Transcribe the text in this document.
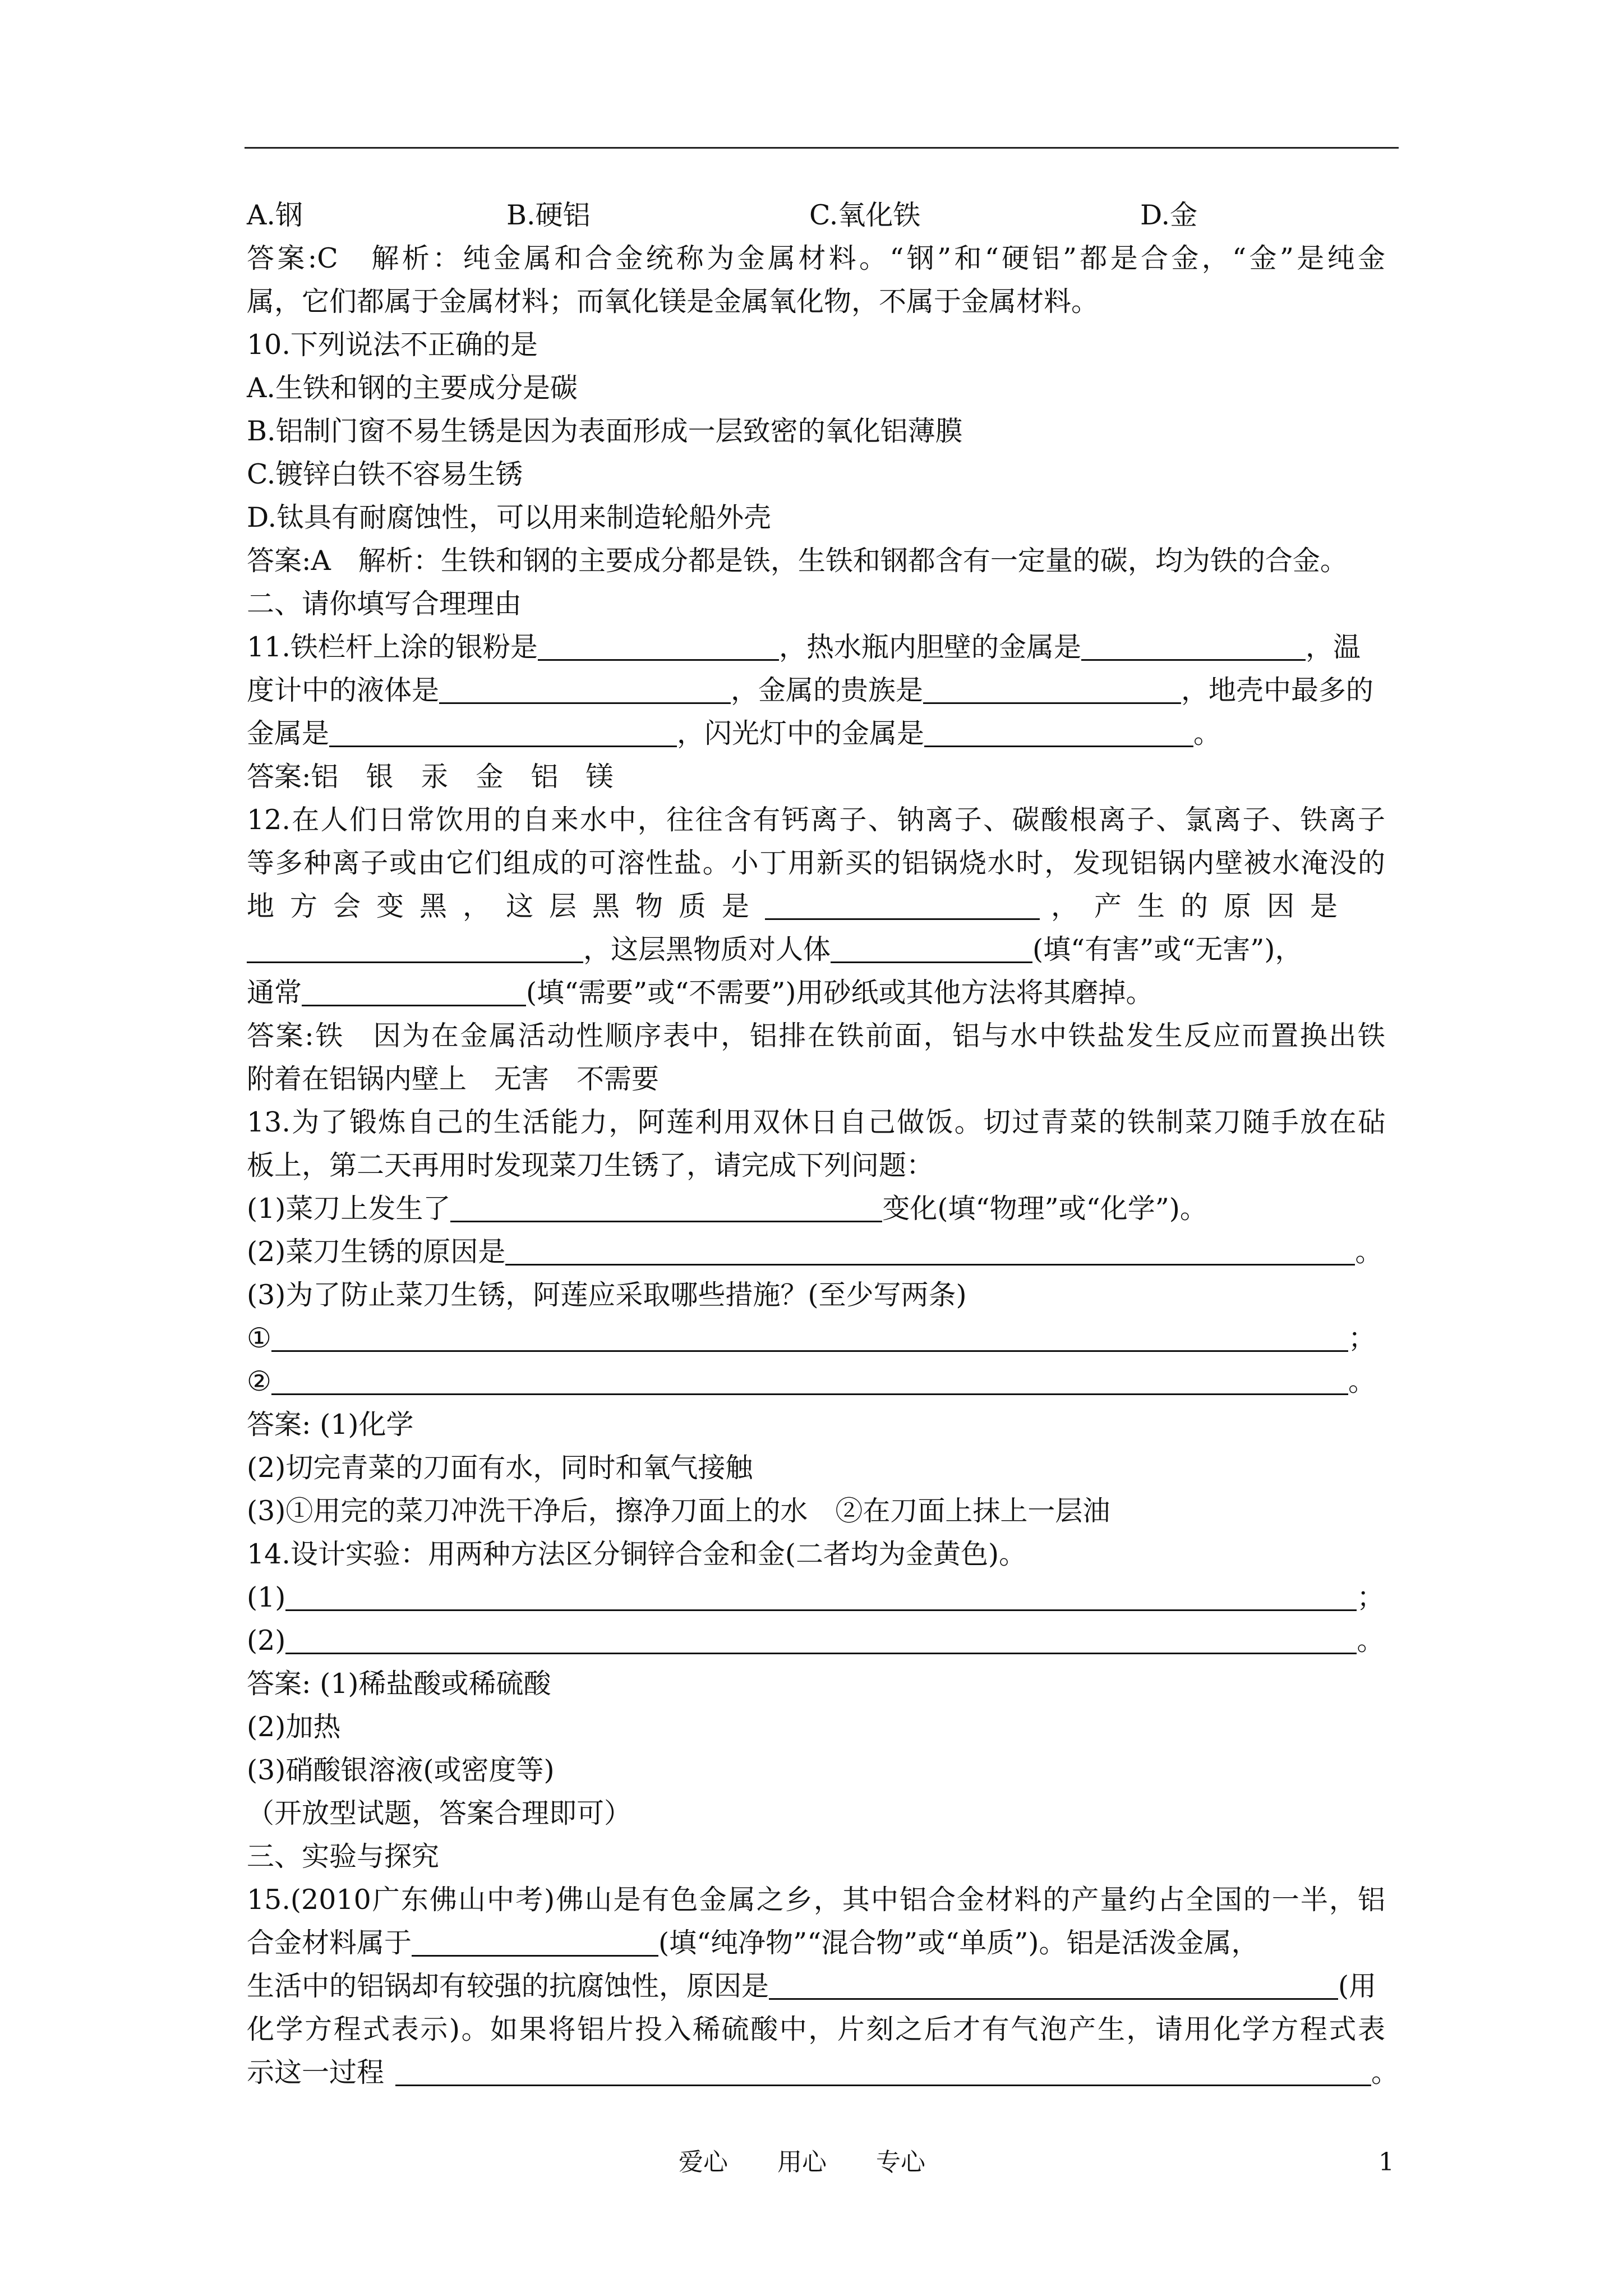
A.钢	B.硬铝	C.氧化铁	D.金
答案:C　解析：纯金属和合金统称为金属材料。“钢”和“硬铝”都是合金，“金”是纯金
属，它们都属于金属材料；而氧化镁是金属氧化物，不属于金属材料。
10.下列说法不正确的是
A.生铁和钢的主要成分是碳
B.铝制门窗不易生锈是因为表面形成一层致密的氧化铝薄膜
C.镀锌白铁不容易生锈
D.钛具有耐腐蚀性，可以用来制造轮船外壳
答案:A　解析：生铁和钢的主要成分都是铁，生铁和钢都含有一定量的碳，均为铁的合金。
二、请你填写合理理由
11.铁栏杆上涂的银粉是	，热水瓶内胆壁的金属是	，温
度计中的液体是	，金属的贵族是	，地壳中最多的
金属是	，闪光灯中的金属是	。
答案:铝　银　汞　金　铝　镁
12.在人们日常饮用的自来水中，往往含有钙离子、钠离子、碳酸根离子、氯离子、铁离子
等多种离子或由它们组成的可溶性盐。小丁用新买的铝锅烧水时，发现铝锅内壁被水淹没的
地方会变黑，这层黑物质是	，产生的原因是
，这层黑物质对人体	(填“有害”或“无害”)，
通常	(填“需要”或“不需要”)用砂纸或其他方法将其磨掉。
答案:铁　因为在金属活动性顺序表中，铝排在铁前面，铝与水中铁盐发生反应而置换出铁
附着在铝锅内壁上　无害　不需要
13.为了锻炼自己的生活能力，阿莲利用双休日自己做饭。切过青菜的铁制菜刀随手放在砧
板上，第二天再用时发现菜刀生锈了，请完成下列问题：
(1)菜刀上发生了	变化(填“物理”或“化学”)。
(2)菜刀生锈的原因是	。
(3)为了防止菜刀生锈，阿莲应采取哪些措施？(至少写两条)
①	；
②	。
答案: (1)化学
(2)切完青菜的刀面有水，同时和氧气接触
(3)①用完的菜刀冲洗干净后，擦净刀面上的水　②在刀面上抹上一层油
14.设计实验：用两种方法区分铜锌合金和金(二者均为金黄色)。
(1)	；
(2)	。
答案: (1)稀盐酸或稀硫酸
(2)加热
(3)硝酸银溶液(或密度等)
（开放型试题，答案合理即可）
三、实验与探究
15.(2010广东佛山中考)佛山是有色金属之乡，其中铝合金材料的产量约占全国的一半，铝
合金材料属于	(填“纯净物”“混合物”或“单质”)。铝是活泼金属，
生活中的铝锅却有较强的抗腐蚀性，原因是	(用
化学方程式表示)。如果将铝片投入稀硫酸中，片刻之后才有气泡产生，请用化学方程式表
示这一过程	。
爱心　　用心　　专心	1
